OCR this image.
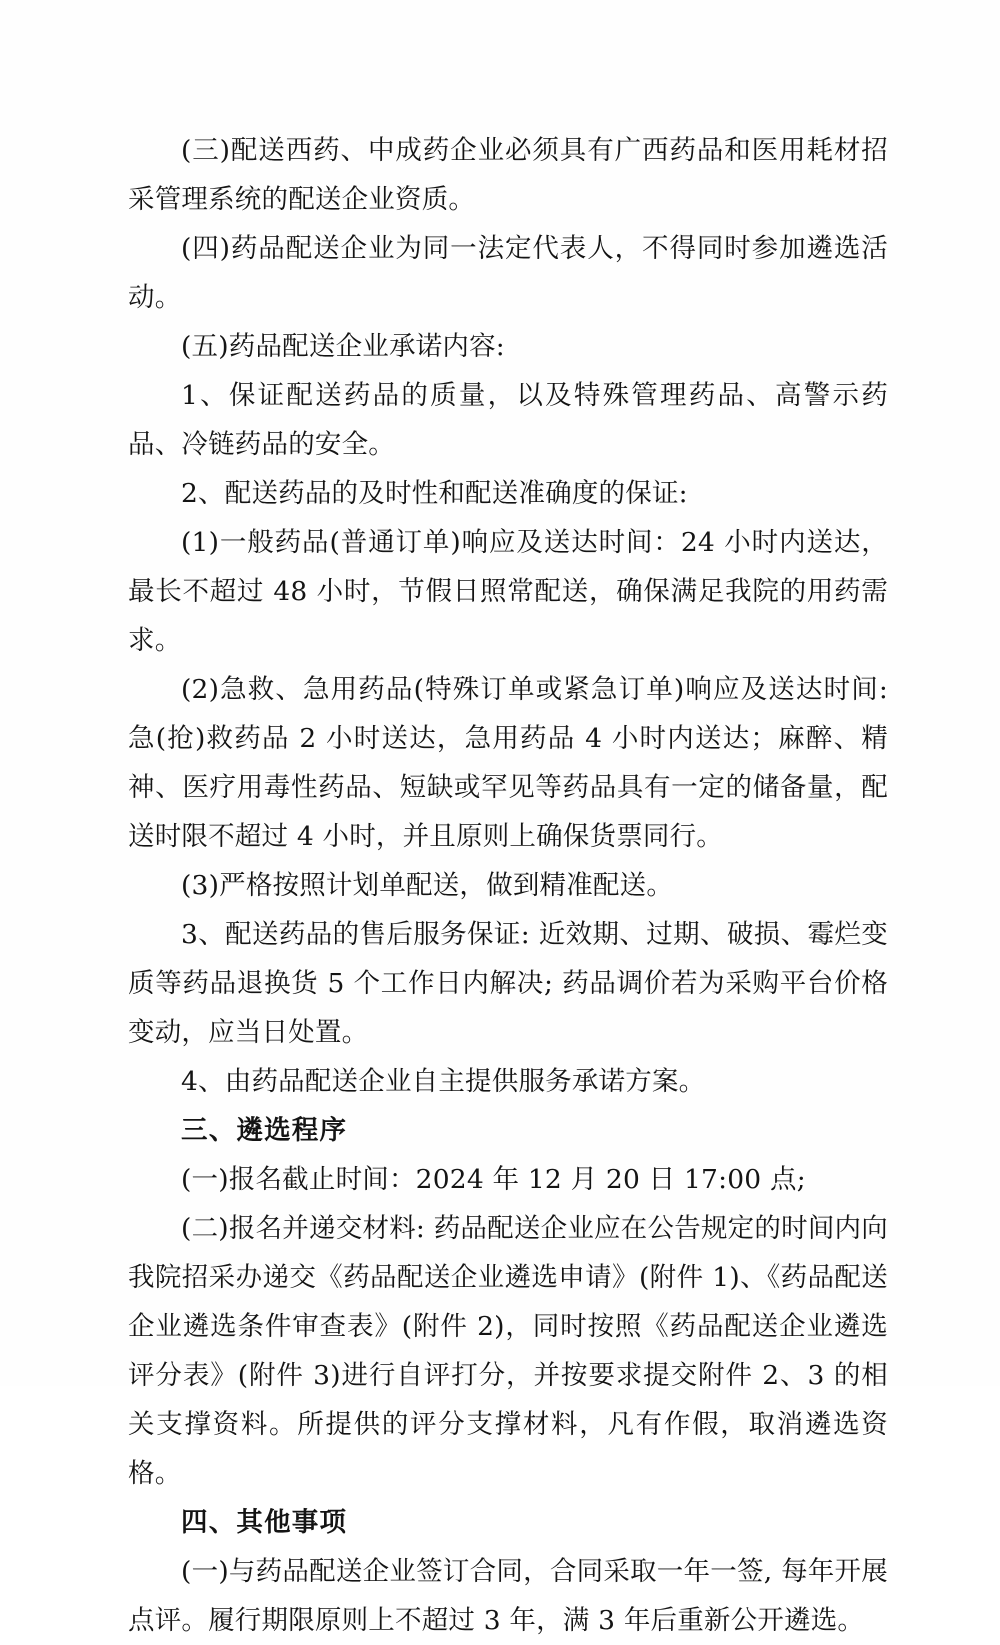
(三)配送西药、中成药企业必须具有广西药品和医用耗材招采管理系统的配送企业资质。

(四)药品配送企业为同一法定代表人，不得同时参加遴选活动。

(五)药品配送企业承诺内容:

1、保证配送药品的质量，以及特殊管理药品、高警示药品、冷链药品的安全。

2、配送药品的及时性和配送准确度的保证:

(1)一般药品(普通订单)响应及送达时间：24 小时内送达，最长不超过 48 小时，节假日照常配送，确保满足我院的用药需求。

(2)急救、急用药品(特殊订单或紧急订单)响应及送达时间: 急(抢)救药品 2 小时送达，急用药品 4 小时内送达；麻醉、精神、医疗用毒性药品、短缺或罕见等药品具有一定的储备量，配送时限不超过 4 小时，并且原则上确保货票同行。

(3)严格按照计划单配送，做到精准配送。

3、配送药品的售后服务保证: 近效期、过期、破损、霉烂变质等药品退换货 5 个工作日内解决; 药品调价若为采购平台价格变动，应当日处置。

4、由药品配送企业自主提供服务承诺方案。

三、遴选程序

(一)报名截止时间：2024 年 12 月 20 日 17:00 点;

(二)报名并递交材料: 药品配送企业应在公告规定的时间内向我院招采办递交《药品配送企业遴选申请》(附件 1)、《药品配送企业遴选条件审查表》(附件 2)，同时按照《药品配送企业遴选评分表》(附件 3)进行自评打分，并按要求提交附件 2、3 的相关支撑资料。所提供的评分支撑材料，凡有作假，取消遴选资格。

四、其他事项

(一)与药品配送企业签订合同，合同采取一年一签, 每年开展点评。履行期限原则上不超过 3 年，满 3 年后重新公开遴选。
